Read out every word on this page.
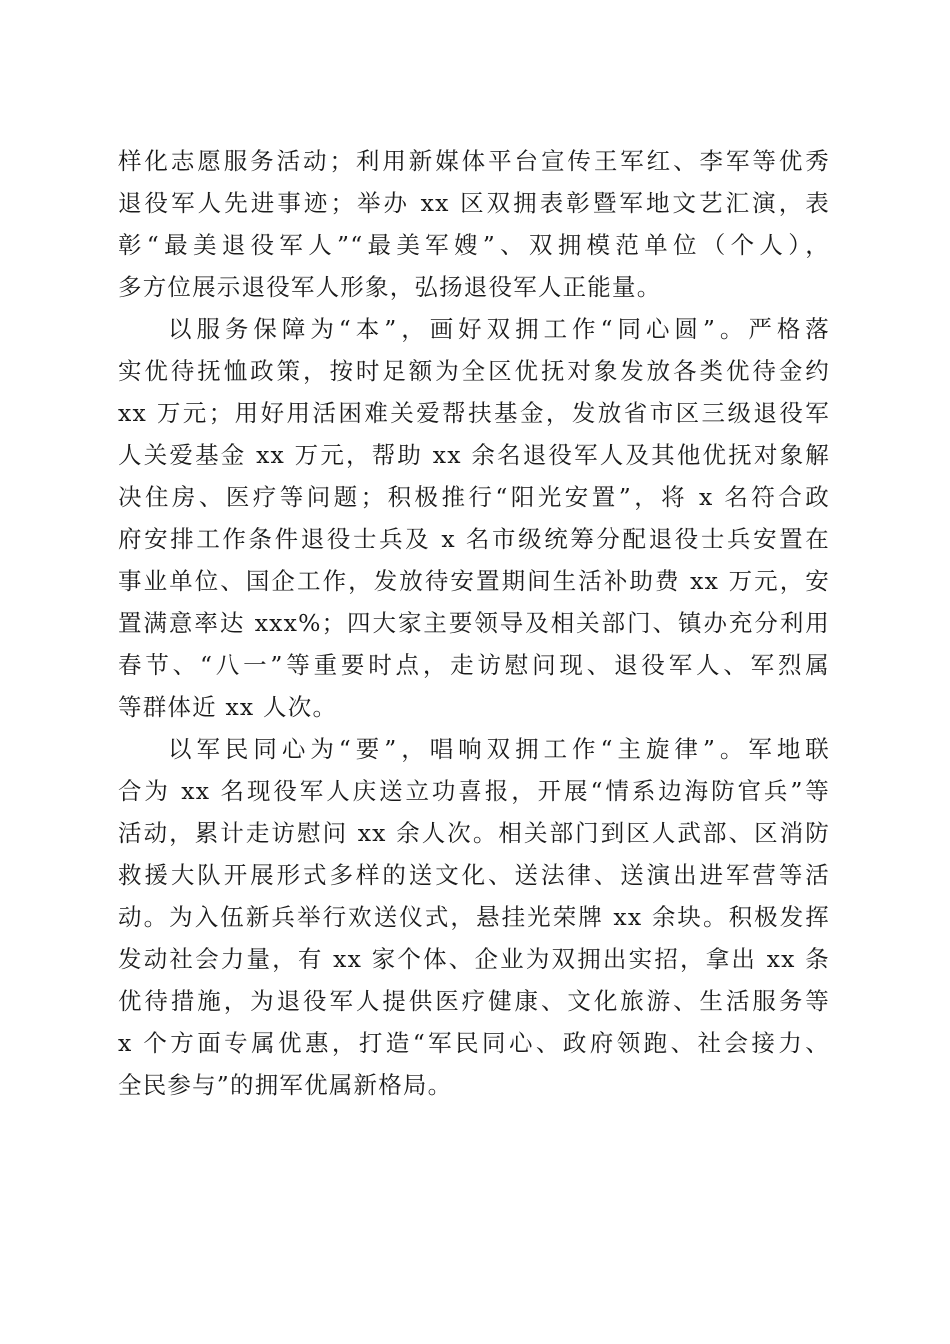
样化志愿服务活动；利用新媒体平台宣传王军红、李军等优秀
退役军人先进事迹；举办 xx 区双拥表彰暨军地文艺汇演，表
彰“最美退役军人”“最美军嫂”、双拥模范单位（个人），
多方位展示退役军人形象，弘扬退役军人正能量。
以服务保障为“本”，画好双拥工作“同心圆”。严格落
实优待抚恤政策，按时足额为全区优抚对象发放各类优待金约
xx 万元；用好用活困难关爱帮扶基金，发放省市区三级退役军
人关爱基金 xx 万元，帮助 xx 余名退役军人及其他优抚对象解
决住房、医疗等问题；积极推行“阳光安置”，将 x 名符合政
府安排工作条件退役士兵及 x 名市级统筹分配退役士兵安置在
事业单位、国企工作，发放待安置期间生活补助费 xx 万元，安
置满意率达 xxx%；四大家主要领导及相关部门、镇办充分利用
春节、“八一”等重要时点，走访慰问现、退役军人、军烈属
等群体近 xx 人次。
以军民同心为“要”，唱响双拥工作“主旋律”。军地联
合为 xx 名现役军人庆送立功喜报，开展“情系边海防官兵”等
活动，累计走访慰问 xx 余人次。相关部门到区人武部、区消防
救援大队开展形式多样的送文化、送法律、送演出进军营等活
动。为入伍新兵举行欢送仪式，悬挂光荣牌 xx 余块。积极发挥
发动社会力量，有 xx 家个体、企业为双拥出实招，拿出 xx 条
优待措施，为退役军人提供医疗健康、文化旅游、生活服务等
x 个方面专属优惠，打造“军民同心、政府领跑、社会接力、
全民参与”的拥军优属新格局。
